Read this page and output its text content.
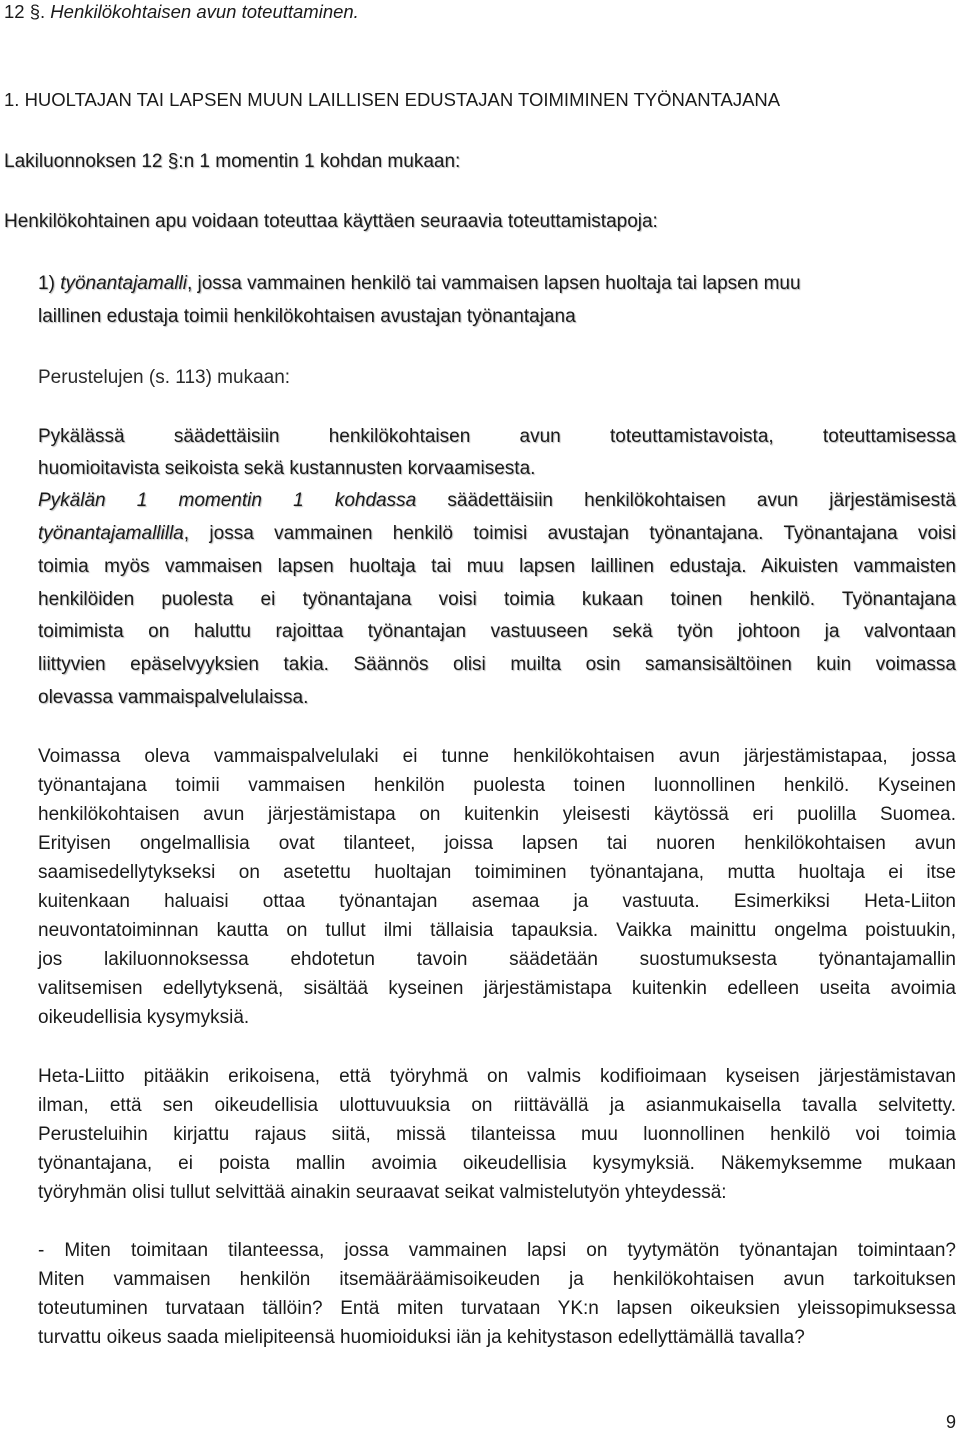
12 §. Henkilökohtaisen avun toteuttaminen.
1. HUOLTAJAN TAI LAPSEN MUUN LAILLISEN EDUSTAJAN TOIMIMINEN TYÖNANTAJANA
Lakiluonnoksen 12 §:n 1 momentin 1 kohdan mukaan:
Henkilökohtainen apu voidaan toteuttaa käyttäen seuraavia toteuttamistapoja:
1) työnantajamalli, jossa vammainen henkilö tai vammaisen lapsen huoltaja tai lapsen muu
laillinen edustaja toimii henkilökohtaisen avustajan työnantajana
Perustelujen (s. 113) mukaan:
Pykälässä säädettäisiin henkilökohtaisen avun toteuttamistavoista, toteuttamisessa
huomioitavista seikoista sekä kustannusten korvaamisesta.
Pykälän 1 momentin 1 kohdassa säädettäisiin henkilökohtaisen avun järjestämisestä
työnantajamallilla, jossa vammainen henkilö toimisi avustajan työnantajana. Työnantajana voisi
toimia myös vammaisen lapsen huoltaja tai muu lapsen laillinen edustaja. Aikuisten vammaisten
henkilöiden puolesta ei työnantajana voisi toimia kukaan toinen henkilö. Työnantajana
toimimista on haluttu rajoittaa työnantajan vastuuseen sekä työn johtoon ja valvontaan
liittyvien epäselvyyksien takia. Säännös olisi muilta osin samansisältöinen kuin voimassa
olevassa vammaispalvelulaissa.
Voimassa oleva vammaispalvelulaki ei tunne henkilökohtaisen avun järjestämistapaa, jossa
työnantajana toimii vammaisen henkilön puolesta toinen luonnollinen henkilö. Kyseinen
henkilökohtaisen avun järjestämistapa on kuitenkin yleisesti käytössä eri puolilla Suomea.
Erityisen ongelmallisia ovat tilanteet, joissa lapsen tai nuoren henkilökohtaisen avun
saamisedellytykseksi on asetettu huoltajan toimiminen työnantajana, mutta huoltaja ei itse
kuitenkaan haluaisi ottaa työnantajan asemaa ja vastuuta. Esimerkiksi Heta-Liiton
neuvontatoiminnan kautta on tullut ilmi tällaisia tapauksia. Vaikka mainittu ongelma poistuukin,
jos lakiluonnoksessa ehdotetun tavoin säädetään suostumuksesta työnantajamallin
valitsemisen edellytyksenä, sisältää kyseinen järjestämistapa kuitenkin edelleen useita avoimia
oikeudellisia kysymyksiä.
Heta-Liitto pitääkin erikoisena, että työryhmä on valmis kodifioimaan kyseisen järjestämistavan
ilman, että sen oikeudellisia ulottuvuuksia on riittävällä ja asianmukaisella tavalla selvitetty.
Perusteluihin kirjattu rajaus siitä, missä tilanteissa muu luonnollinen henkilö voi toimia
työnantajana, ei poista mallin avoimia oikeudellisia kysymyksiä. Näkemyksemme mukaan
työryhmän olisi tullut selvittää ainakin seuraavat seikat valmistelutyön yhteydessä:
- Miten toimitaan tilanteessa, jossa vammainen lapsi on tyytymätön työnantajan toimintaan?
Miten vammaisen henkilön itsemääräämisoikeuden ja henkilökohtaisen avun tarkoituksen
toteutuminen turvataan tällöin? Entä miten turvataan YK:n lapsen oikeuksien yleissopimuksessa
turvattu oikeus saada mielipiteensä huomioiduksi iän ja kehitystason edellyttämällä tavalla?
9
